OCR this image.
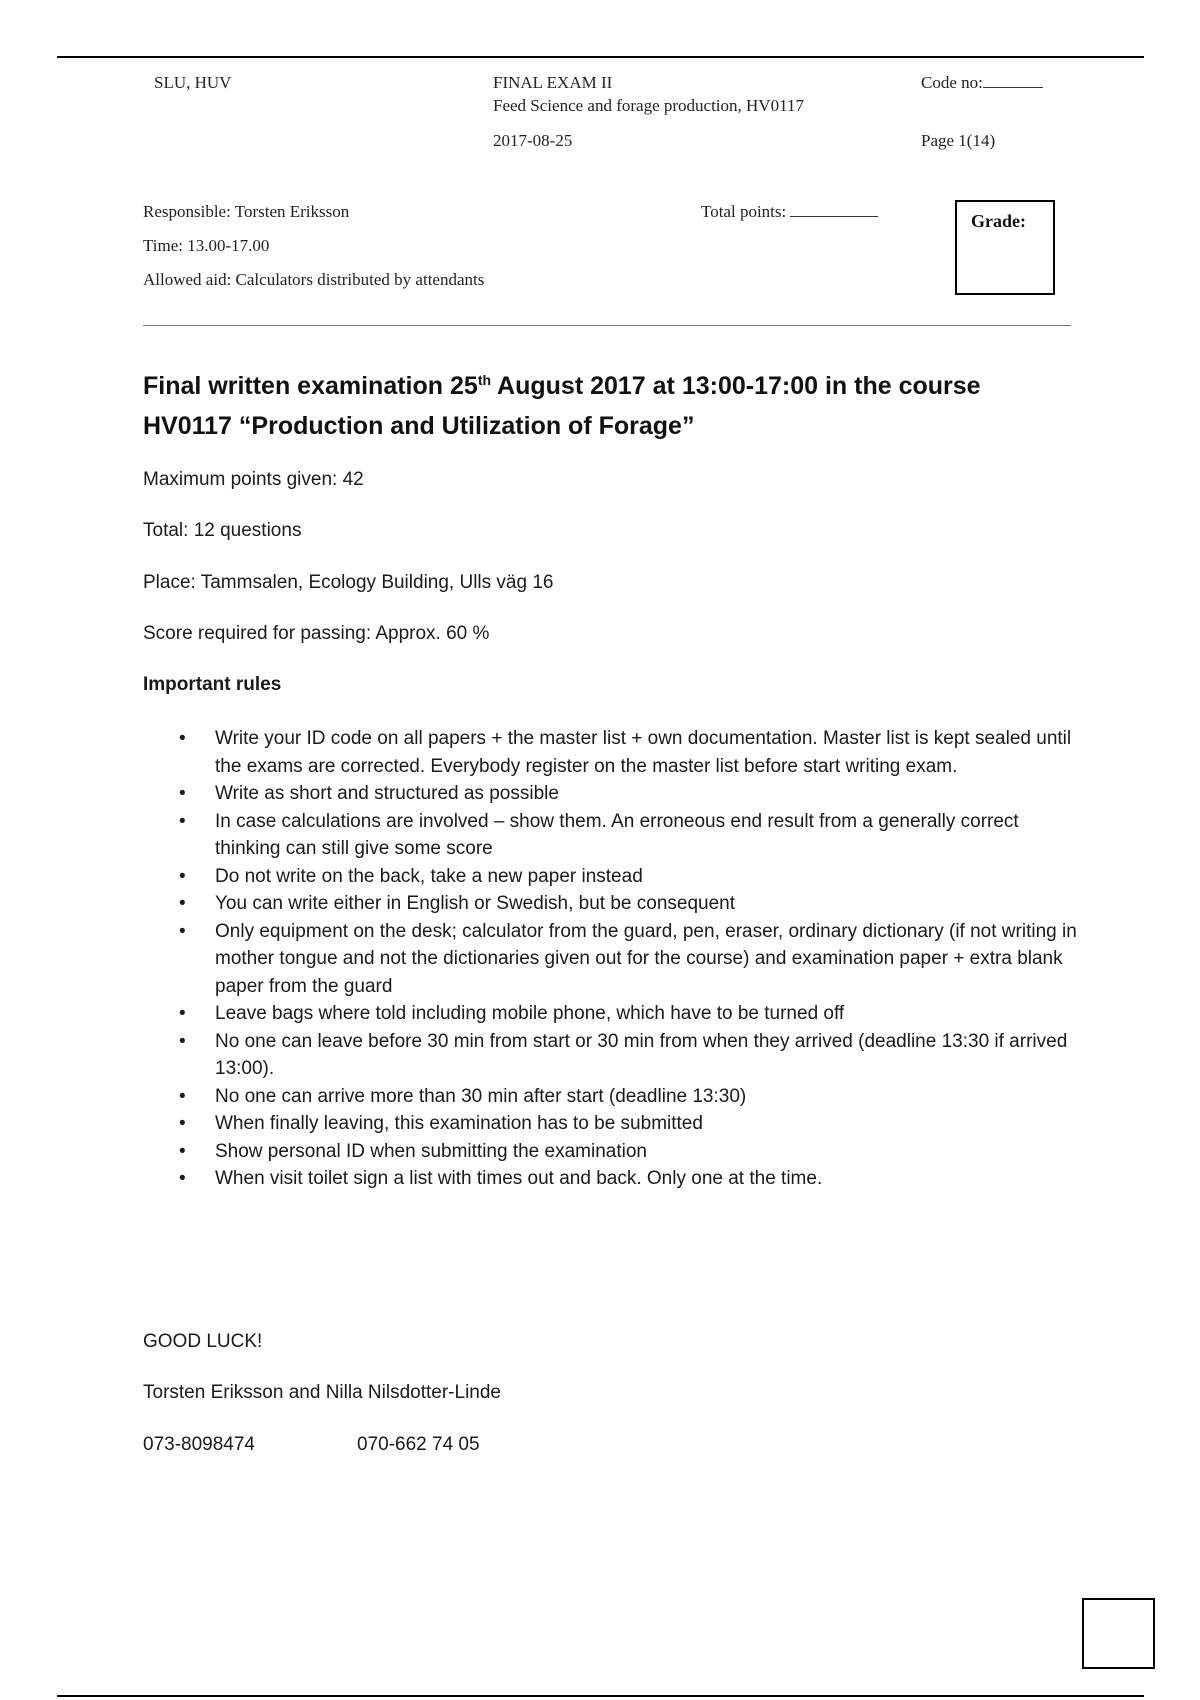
SLU, HUV	FINAL EXAM II
Feed Science and forage production, HV0117
2017-08-25
Code no:
Page 1(14)
Responsible: Torsten Eriksson
Time: 13.00-17.00
Allowed aid: Calculators distributed by attendants
Total points:	Grade:
Final written examination 25th August 2017 at 13:00-17:00 in the course
HV0117 “Production and Utilization of Forage”
Maximum points given: 42
Total: 12 questions
Place: Tammsalen, Ecology Building, Ulls väg 16
Score required for passing: Approx. 60 %
Important rules
• Write your ID code on all papers + the master list + own documentation. Master list is kept sealed until the exams are corrected. Everybody register on the master list before start writing exam.
• Write as short and structured as possible
• In case calculations are involved – show them. An erroneous end result from a generally correct thinking can still give some score
• Do not write on the back, take a new paper instead
• You can write either in English or Swedish, but be consequent
• Only equipment on the desk; calculator from the guard, pen, eraser, ordinary dictionary (if not writing in mother tongue and not the dictionaries given out for the course) and examination paper + extra blank paper from the guard
• Leave bags where told including mobile phone, which have to be turned off
• No one can leave before 30 min from start or 30 min from when they arrived (deadline 13:30 if arrived 13:00).
• No one can arrive more than 30 min after start (deadline 13:30)
• When finally leaving, this examination has to be submitted
• Show personal ID when submitting the examination
• When visit toilet sign a list with times out and back. Only one at the time.
GOOD LUCK!
Torsten Eriksson and Nilla Nilsdotter-Linde
073-8098474	070-662 74 05
